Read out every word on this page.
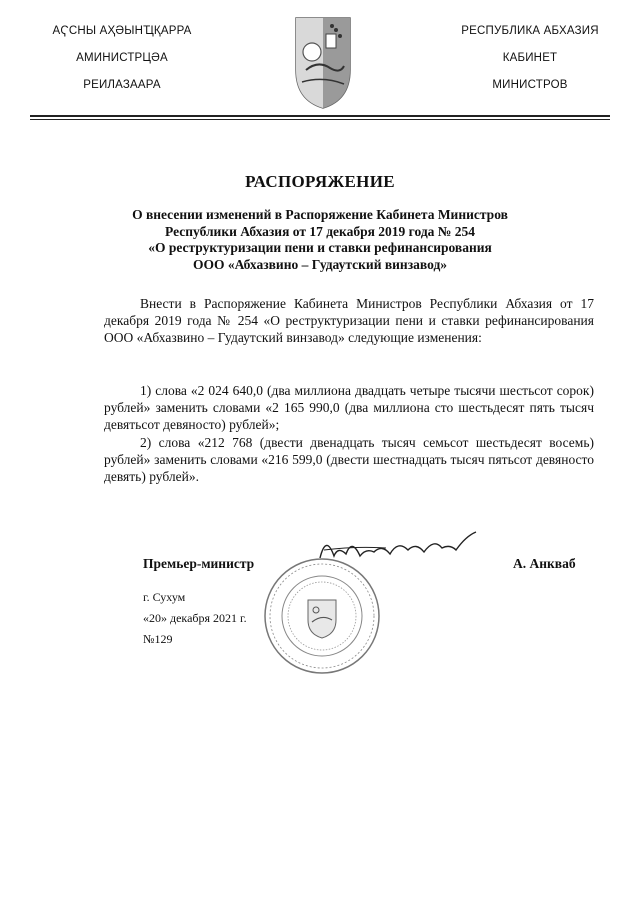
АҀСНЫ АҲӘЫНҴҚАРРА
АМИНИСТРЦӘА
РЕИЛАЗААРА
РЕСПУБЛИКА АБХАЗИЯ
КАБИНЕТ
МИНИСТРОВ
РАСПОРЯЖЕНИЕ
О внесении изменений в Распоряжение Кабинета Министров
Республики Абхазия от 17 декабря 2019 года № 254
«О реструктуризации пени и ставки рефинансирования
ООО «Абхазвино – Гудаутский винзавод»

Внести в Распоряжение Кабинета Министров Республики Абхазия от 17 декабря 2019 года № 254 «О реструктуризации пени и ставки рефинансирования ООО «Абхазвино – Гудаутский винзавод» следующие изменения:

1) слова «2 024 640,0 (два миллиона двадцать четыре тысячи шестьсот сорок) рублей» заменить словами «2 165 990,0 (два миллиона сто шестьдесят пять тысяч девятьсот девяносто) рублей»;

2) слова «212 768 (двести двенадцать тысяч семьсот шестьдесят восемь) рублей» заменить словами «216 599,0 (двести шестнадцать тысяч пятьсот девяносто девять) рублей».

Премьер-министр	А. Анкваб
г. Сухум
«20» декабря 2021 г.
№129
